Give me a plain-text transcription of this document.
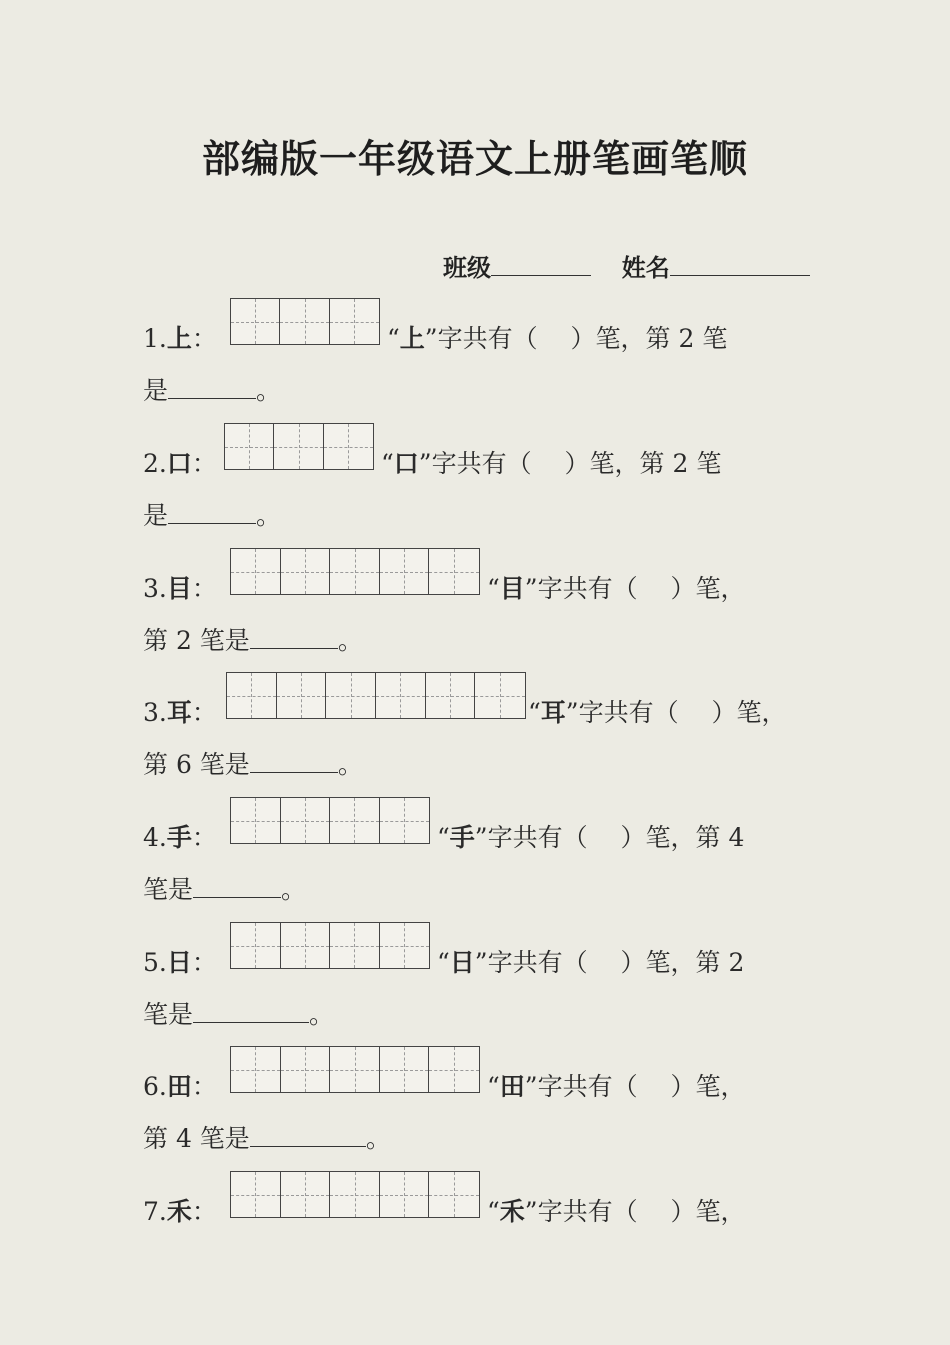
部编版一年级语文上册笔画笔顺
班级	姓名
1.上：	“上”字共有（　 ）笔，第 2 笔
是	。
2.口：	“口”字共有（　 ）笔，第 2 笔
是	。
3.目：	“目”字共有（　 ）笔，
第 2 笔是	。
3.耳：	“耳”字共有（　 ）笔，
第 6 笔是	。
4.手：	“手”字共有（　 ）笔，第 4
笔是	。
5.日：	“日”字共有（　 ）笔，第 2
笔是	。
6.田：	“田”字共有（　 ）笔，
第 4 笔是	。
7.禾：	“禾”字共有（　 ）笔，
